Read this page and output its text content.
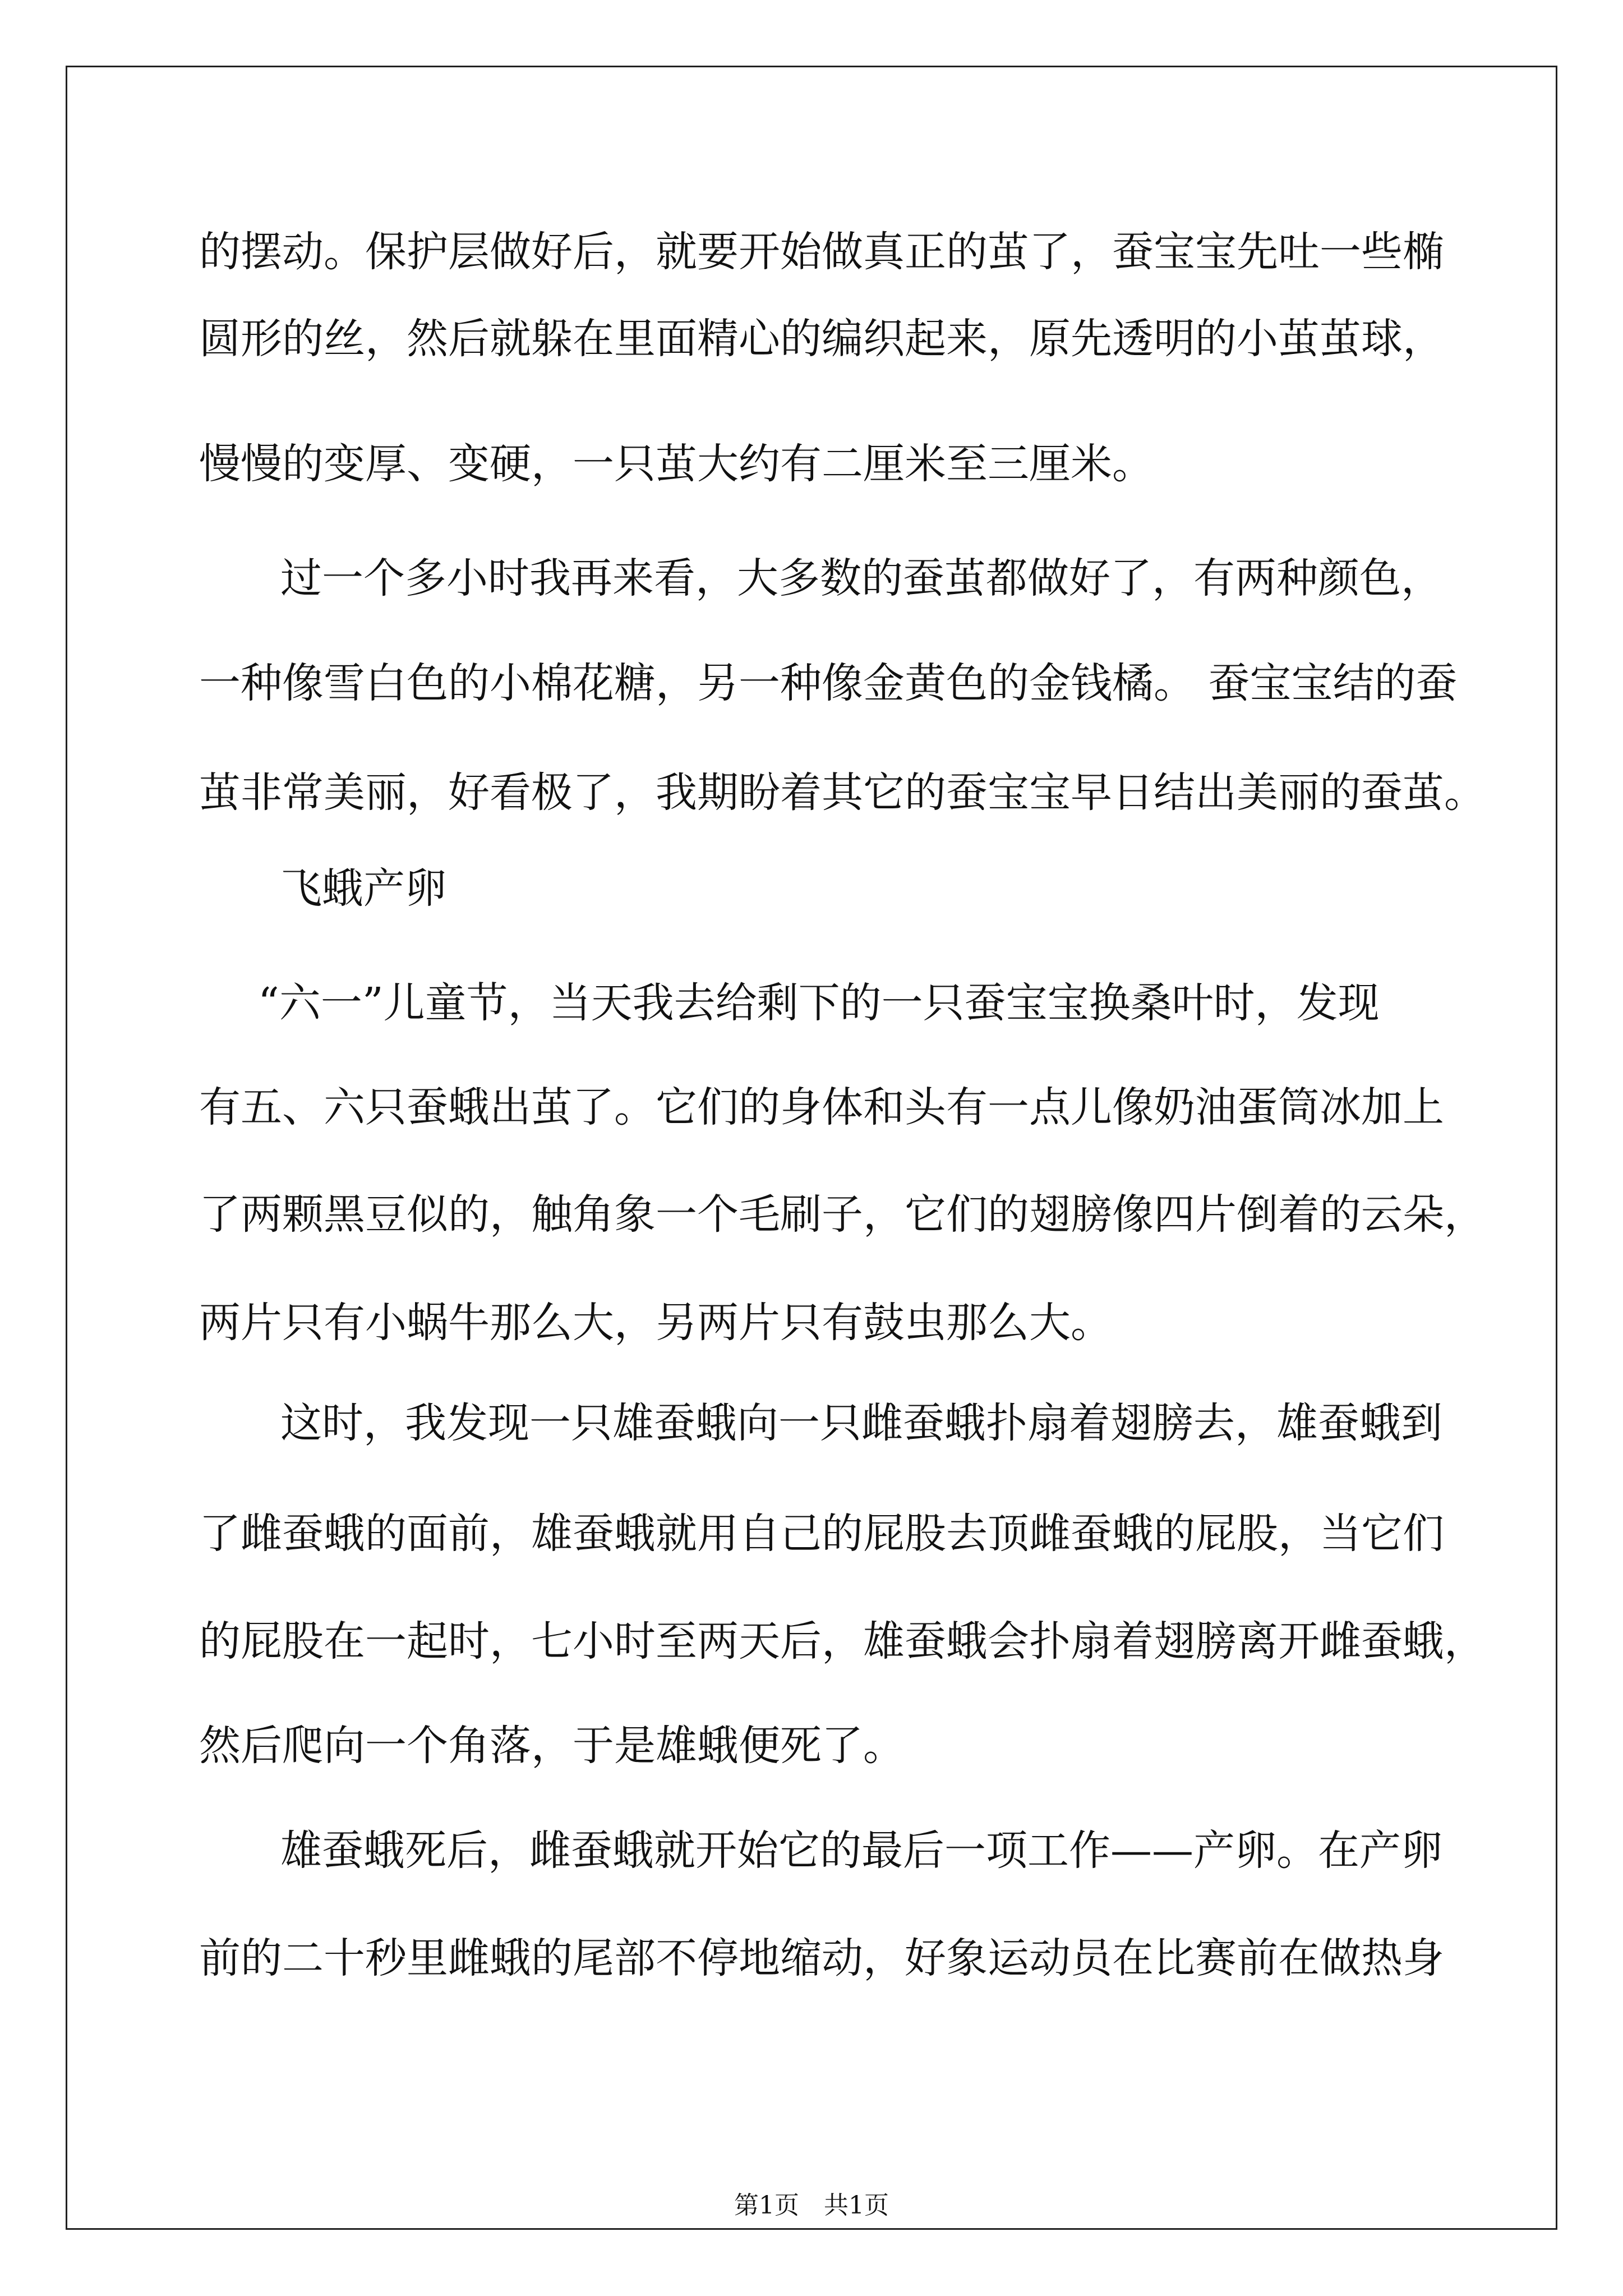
的摆动。保护层做好后，就要开始做真正的茧了，蚕宝宝先吐一些椭
圆形的丝，然后就躲在里面精心的编织起来，原先透明的小茧茧球，
慢慢的变厚、变硬，一只茧大约有二厘米至三厘米。
过一个多小时我再来看，大多数的蚕茧都做好了，有两种颜色，
一种像雪白色的小棉花糖，另一种像金黄色的金钱橘。 蚕宝宝结的蚕
茧非常美丽，好看极了，我期盼着其它的蚕宝宝早日结出美丽的蚕茧。
飞蛾产卵
“六一”儿童节，当天我去给剩下的一只蚕宝宝换桑叶时，发现
有五、六只蚕蛾出茧了。它们的身体和头有一点儿像奶油蛋筒冰加上
了两颗黑豆似的，触角象一个毛刷子，它们的翅膀像四片倒着的云朵，
两片只有小蜗牛那么大，另两片只有鼓虫那么大。
这时，我发现一只雄蚕蛾向一只雌蚕蛾扑扇着翅膀去，雄蚕蛾到
了雌蚕蛾的面前，雄蚕蛾就用自己的屁股去顶雌蚕蛾的屁股，当它们
的屁股在一起时，七小时至两天后，雄蚕蛾会扑扇着翅膀离开雌蚕蛾，
然后爬向一个角落，于是雄蛾便死了。
雄蚕蛾死后，雌蚕蛾就开始它的最后一项工作——产卵。在产卵
前的二十秒里雌蛾的尾部不停地缩动，好象运动员在比赛前在做热身
第1页　共1页
